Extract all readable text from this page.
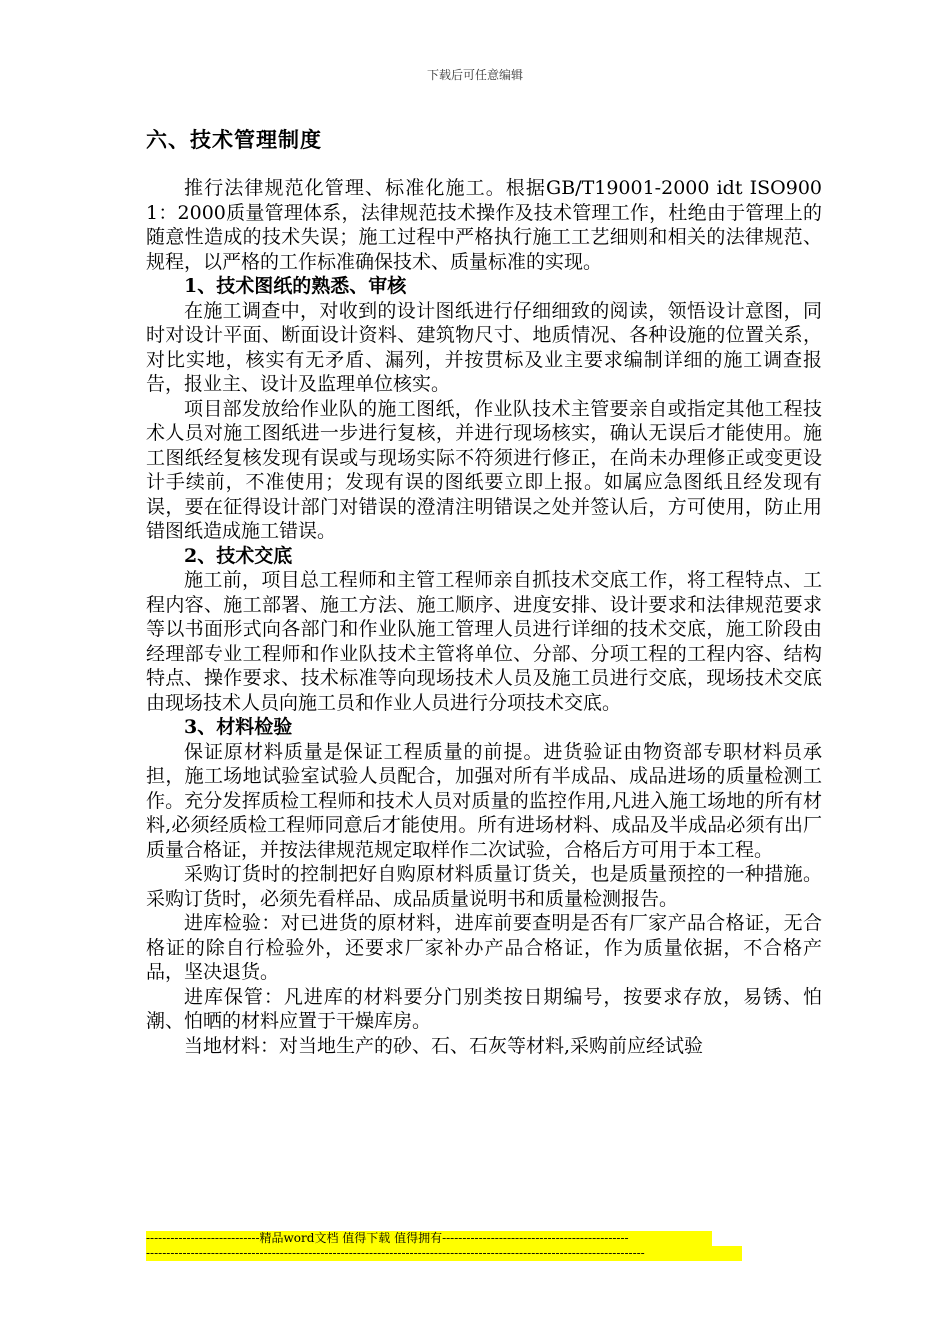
下载后可任意编辑
六、技术管理制度

推行法律规范化管理、标准化施工。根据GB/T19001-2000 idt ISO9001：2000质量管理体系，法律规范技术操作及技术管理工作，杜绝由于管理上的随意性造成的技术失误；施工过程中严格执行施工工艺细则和相关的法律规范、规程，以严格的工作标准确保技术、质量标准的实现。

1、技术图纸的熟悉、审核

在施工调查中，对收到的设计图纸进行仔细细致的阅读，领悟设计意图，同时对设计平面、断面设计资料、建筑物尺寸、地质情况、各种设施的位置关系，对比实地，核实有无矛盾、漏列，并按贯标及业主要求编制详细的施工调查报告，报业主、设计及监理单位核实。

项目部发放给作业队的施工图纸，作业队技术主管要亲自或指定其他工程技术人员对施工图纸进一步进行复核，并进行现场核实，确认无误后才能使用。施工图纸经复核发现有误或与现场实际不符须进行修正，在尚未办理修正或变更设计手续前，不准使用；发现有误的图纸要立即上报。如属应急图纸且经发现有误，要在征得设计部门对错误的澄清注明错误之处并签认后，方可使用，防止用错图纸造成施工错误。

2、技术交底

施工前，项目总工程师和主管工程师亲自抓技术交底工作，将工程特点、工程内容、施工部署、施工方法、施工顺序、进度安排、设计要求和法律规范要求等以书面形式向各部门和作业队施工管理人员进行详细的技术交底，施工阶段由经理部专业工程师和作业队技术主管将单位、分部、分项工程的工程内容、结构特点、操作要求、技术标准等向现场技术人员及施工员进行交底，现场技术交底由现场技术人员向施工员和作业人员进行分项技术交底。

3、材料检验

保证原材料质量是保证工程质量的前提。进货验证由物资部专职材料员承担，施工场地试验室试验人员配合，加强对所有半成品、成品进场的质量检测工作。充分发挥质检工程师和技术人员对质量的监控作用,凡进入施工场地的所有材料,必须经质检工程师同意后才能使用。所有进场材料、成品及半成品必须有出厂质量合格证，并按法律规范规定取样作二次试验，合格后方可用于本工程。

采购订货时的控制把好自购原材料质量订货关，也是质量预控的一种措施。采购订货时，必须先看样品、成品质量说明书和质量检测报告。

进库检验：对已进货的原材料，进库前要查明是否有厂家产品合格证，无合格证的除自行检验外，还要求厂家补办产品合格证，作为质量依据，不合格产品，坚决退货。

进库保管：凡进库的材料要分门别类按日期编号，按要求存放，易锈、怕潮、怕晒的材料应置于干燥库房。

当地材料：对当地生产的砂、石、石灰等材料,采购前应经试验

----------------------------精品word文档 值得下载 值得拥有----------------------------------------------
---------------------------------------------------------------------------------------------------------------------------
